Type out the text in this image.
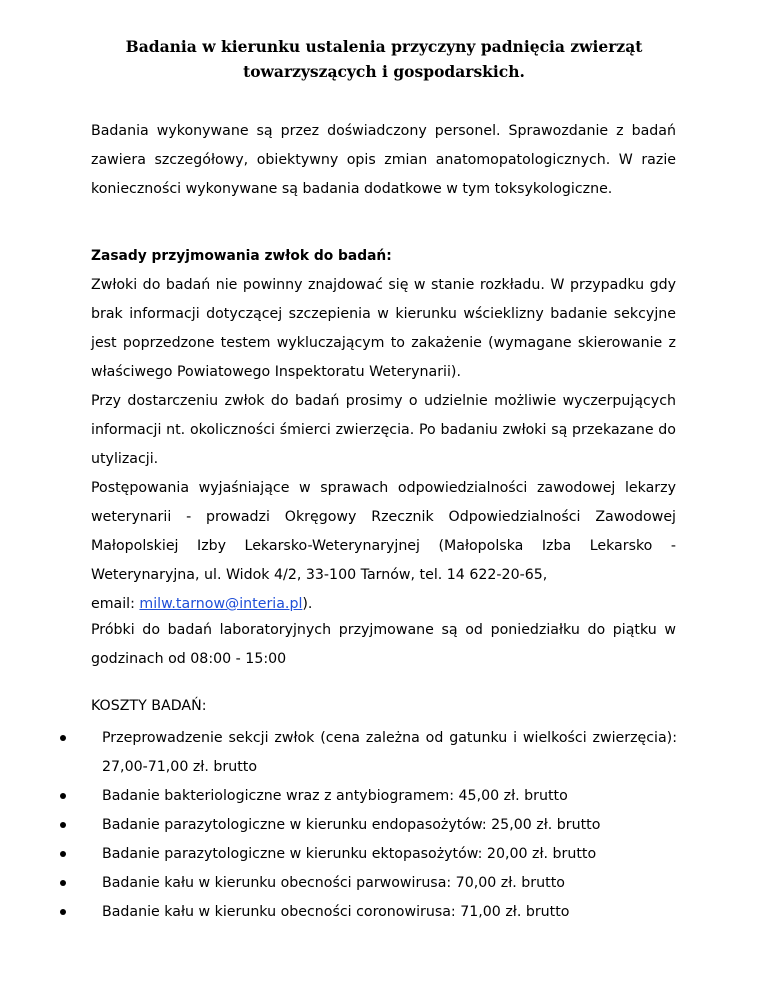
Badania w kierunku ustalenia przyczyny padnięcia zwierząt
towarzyszących i gospodarskich.
Badania wykonywane są przez doświadczony personel. Sprawozdanie z badań zawiera szczegółowy, obiektywny opis zmian anatomopatologicznych. W razie konieczności wykonywane są badania dodatkowe w tym toksykologiczne.
Zasady przyjmowania zwłok do badań:
Zwłoki do badań nie powinny znajdować się w stanie rozkładu. W przypadku gdy brak informacji dotyczącej szczepienia w kierunku wścieklizny badanie sekcyjne jest poprzedzone testem wykluczającym to zakażenie (wymagane skierowanie z właściwego Powiatowego Inspektoratu Weterynarii).
Przy dostarczeniu zwłok do badań prosimy o udzielnie możliwie wyczerpujących informacji nt. okoliczności śmierci zwierzęcia. Po badaniu zwłoki są przekazane do utylizacji.
Postępowania wyjaśniające w sprawach odpowiedzialności zawodowej lekarzy weterynarii - prowadzi Okręgowy Rzecznik Odpowiedzialności Zawodowej Małopolskiej Izby Lekarsko-Weterynaryjnej (Małopolska Izba Lekarsko - Weterynaryjna, ul. Widok 4/2, 33-100 Tarnów, tel. 14 622-20-65,
email: milw.tarnow@interia.pl).
Próbki do badań laboratoryjnych przyjmowane są od poniedziałku do piątku w godzinach od 08:00 - 15:00
KOSZTY BADAŃ:
Przeprowadzenie sekcji zwłok (cena zależna od gatunku i wielkości zwierzęcia): 27,00-71,00 zł. brutto
Badanie bakteriologiczne wraz z antybiogramem: 45,00 zł. brutto
Badanie parazytologiczne w kierunku endopasożytów: 25,00 zł. brutto
Badanie parazytologiczne w kierunku ektopasożytów: 20,00 zł. brutto
Badanie kału w kierunku obecności parwowirusa: 70,00 zł. brutto
Badanie kału w kierunku obecności coronowirusa: 71,00 zł. brutto
